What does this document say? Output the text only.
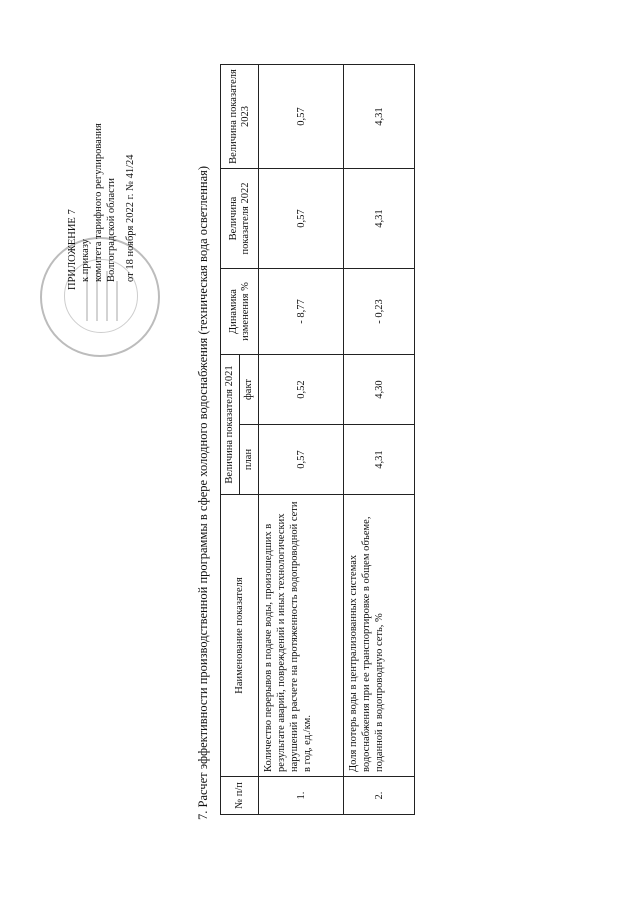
ПРИЛОЖЕНИЕ 7 к приказу комитета тарифного регулирования Волгоградской области от 18 ноября 2022 г. № 41/24	7. Расчет эффективности производственной программы в сфере холодного водоснабжения (техническая вода осветленная) № п/п	Наименование показателя	Величина показателя 2021		Динамика изменения %	Величина показателя 2022	Величина показателя 2023
		план	факт			
1.	Количество перерывов в подаче воды, произошедших в результате аварий, повреждений и иных технологических нарушений в расчете на протяженность водопроводной сети в год, ед./км.	0,57	0,52	- 8,77	0,57	0,57
2.	Доля потерь воды в централизованных системах водоснабжения при ее транспортировке в общем объеме, поданной в водопроводную сеть, %	4,31	4,30	- 0,23	4,31	4,31
